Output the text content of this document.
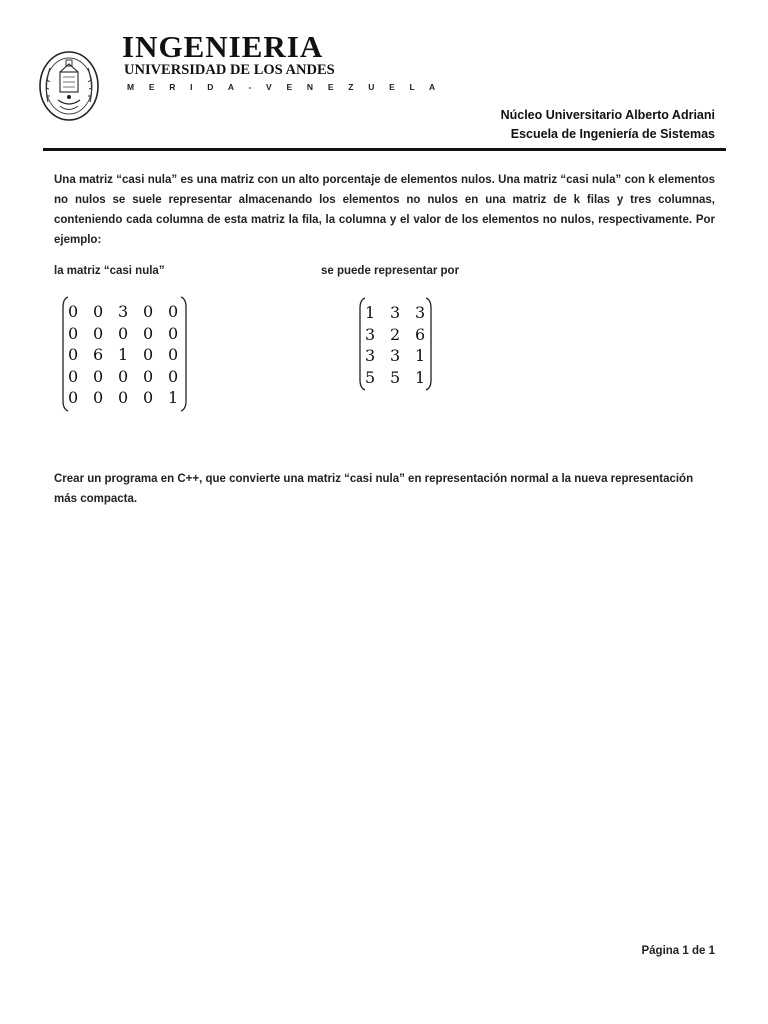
INGENIERIA
UNIVERSIDAD DE LOS ANDES
M E R I D A - V E N E Z U E L A
Núcleo Universitario Alberto Adriani
Escuela de Ingeniería de Sistemas

Una matriz “casi nula” es una matriz con un alto porcentaje de elementos nulos. Una matriz “casi nula” con k elementos no nulos se suele representar almacenando los elementos no nulos en una matriz de k filas y tres columnas, conteniendo cada columna de esta matriz la fila, la columna y el valor de los elementos no nulos, respectivamente. Por ejemplo:

la matriz “casi nula”	se puede representar por
0 0 3 0 0
0 0 0 0 0
0 6 1 0 0
0 0 0 0 0
0 0 0 0 1
1 3 3
3 2 6
3 3 1
5 5 1

Crear un programa en C++, que convierte una matriz “casi nula” en representación normal a la nueva representación más compacta.

Página 1 de 1
